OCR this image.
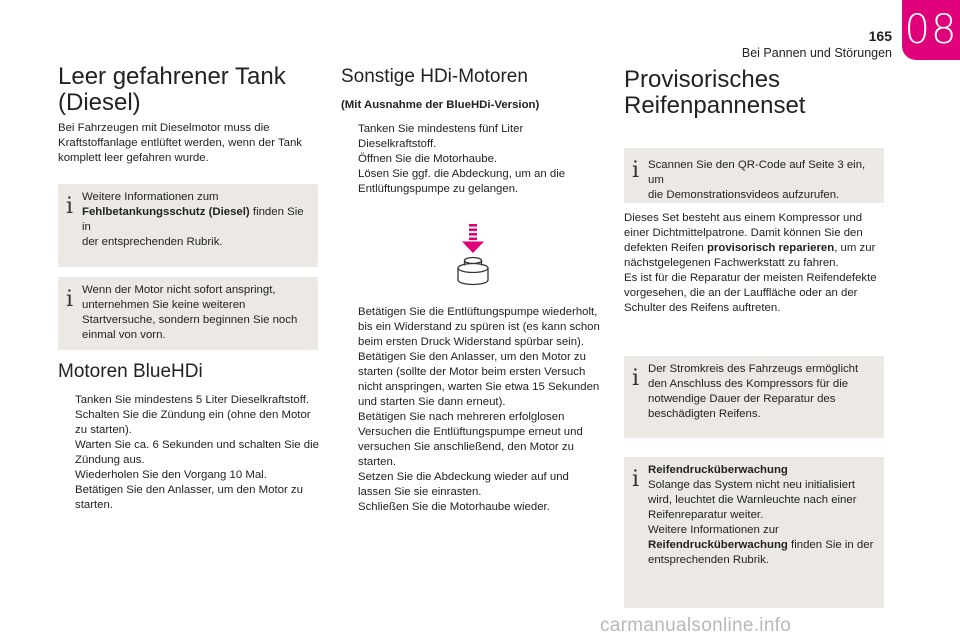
165
Bei Pannen und Störungen 08
Leer gefahrener Tank
(Diesel)
Bei Fahrzeugen mit Dieselmotor muss die
Kraftstoffanlage entlüftet werden, wenn der Tank
komplett leer gefahren wurde.
i Weitere Informationen zum
Fehlbetankungsschutz (Diesel) finden Sie in
der entsprechenden Rubrik.
i Wenn der Motor nicht sofort anspringt,
unternehmen Sie keine weiteren
Startversuche, sondern beginnen Sie noch
einmal von vorn.
Motoren BlueHDi
Tanken Sie mindestens 5 Liter Dieselkraftstoff.
Schalten Sie die Zündung ein (ohne den Motor
zu starten).
Warten Sie ca. 6 Sekunden und schalten Sie die
Zündung aus.
Wiederholen Sie den Vorgang 10 Mal.
Betätigen Sie den Anlasser, um den Motor zu
starten.
Sonstige HDi-Motoren
(Mit Ausnahme der BlueHDi-Version)
Tanken Sie mindestens fünf Liter
Dieselkraftstoff.
Öffnen Sie die Motorhaube.
Lösen Sie ggf. die Abdeckung, um an die
Entlüftungspumpe zu gelangen.
Betätigen Sie die Entlüftungspumpe wiederholt,
bis ein Widerstand zu spüren ist (es kann schon
beim ersten Druck Widerstand spürbar sein).
Betätigen Sie den Anlasser, um den Motor zu
starten (sollte der Motor beim ersten Versuch
nicht anspringen, warten Sie etwa 15 Sekunden
und starten Sie dann erneut).
Betätigen Sie nach mehreren erfolglosen
Versuchen die Entlüftungspumpe erneut und
versuchen Sie anschließend, den Motor zu
starten.
Setzen Sie die Abdeckung wieder auf und
lassen Sie sie einrasten.
Schließen Sie die Motorhaube wieder.
Provisorisches
Reifenpannenset
i Scannen Sie den QR-Code auf Seite 3 ein, um
die Demonstrationsvideos aufzurufen.
Dieses Set besteht aus einem Kompressor und
einer Dichtmittelpatrone. Damit können Sie den
defekten Reifen provisorisch reparieren, um zur
nächstgelegenen Fachwerkstatt zu fahren.
Es ist für die Reparatur der meisten Reifendefekte
vorgesehen, die an der Lauffläche oder an der
Schulter des Reifens auftreten.
i Der Stromkreis des Fahrzeugs ermöglicht
den Anschluss des Kompressors für die
notwendige Dauer der Reparatur des
beschädigten Reifens.
i Reifendrucküberwachung
Solange das System nicht neu initialisiert
wird, leuchtet die Warnleuchte nach einer
Reifenreparatur weiter.
Weitere Informationen zur
Reifendrucküberwachung finden Sie in der
entsprechenden Rubrik.
carmanualsonline.info
